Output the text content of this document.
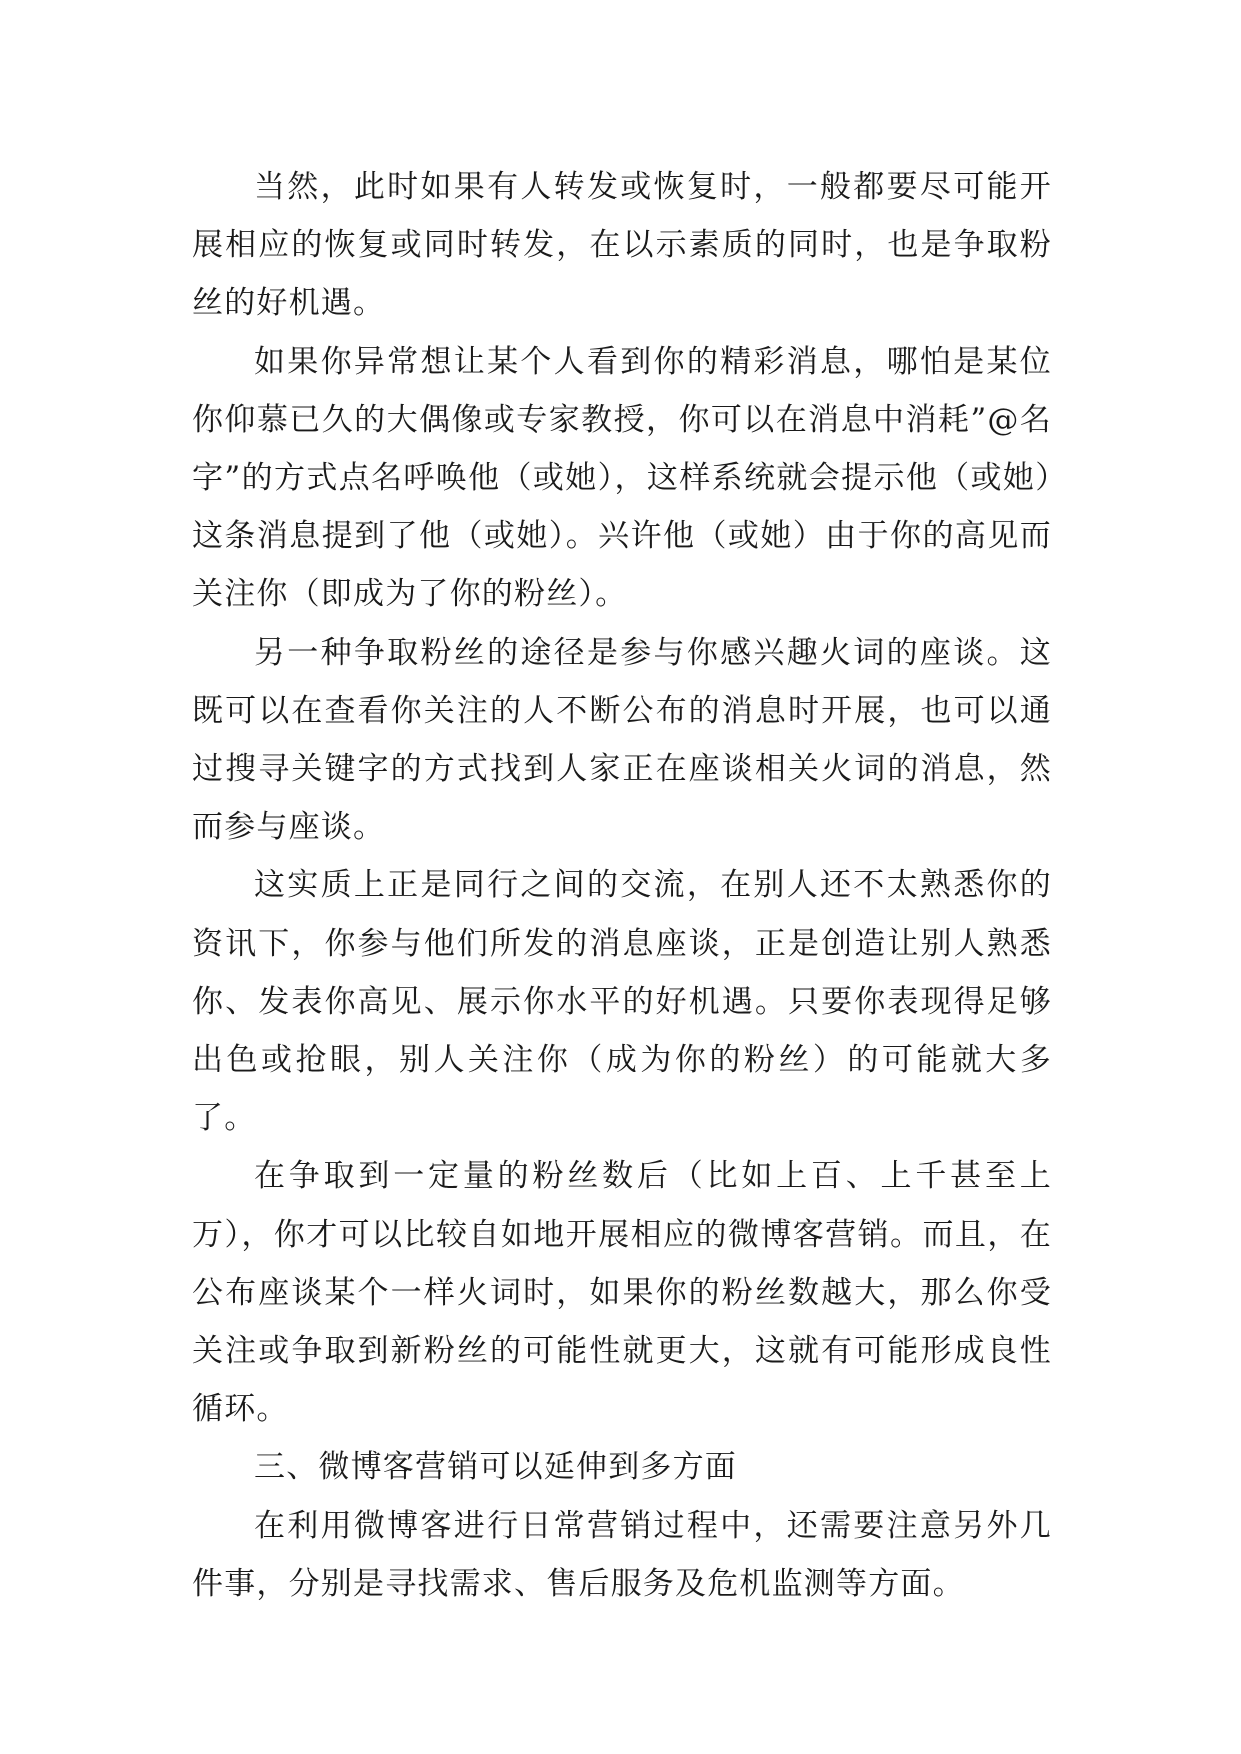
当然，此时如果有人转发或恢复时，一般都要尽可能开展相应的恢复或同时转发，在以示素质的同时，也是争取粉丝的好机遇。

如果你异常想让某个人看到你的精彩消息，哪怕是某位你仰慕已久的大偶像或专家教授，你可以在消息中消耗”@名字”的方式点名呼唤他（或她），这样系统就会提示他（或她）这条消息提到了他（或她）。兴许他（或她）由于你的高见而关注你（即成为了你的粉丝）。

另一种争取粉丝的途径是参与你感兴趣火词的座谈。这既可以在查看你关注的人不断公布的消息时开展，也可以通过搜寻关键字的方式找到人家正在座谈相关火词的消息，然而参与座谈。

这实质上正是同行之间的交流，在别人还不太熟悉你的资讯下，你参与他们所发的消息座谈，正是创造让别人熟悉你、发表你高见、展示你水平的好机遇。只要你表现得足够出色或抢眼，别人关注你（成为你的粉丝）的可能就大多了。

在争取到一定量的粉丝数后（比如上百、上千甚至上万），你才可以比较自如地开展相应的微博客营销。而且，在公布座谈某个一样火词时，如果你的粉丝数越大，那么你受关注或争取到新粉丝的可能性就更大，这就有可能形成良性循环。

三、微博客营销可以延伸到多方面

在利用微博客进行日常营销过程中，还需要注意另外几件事，分别是寻找需求、售后服务及危机监测等方面。
